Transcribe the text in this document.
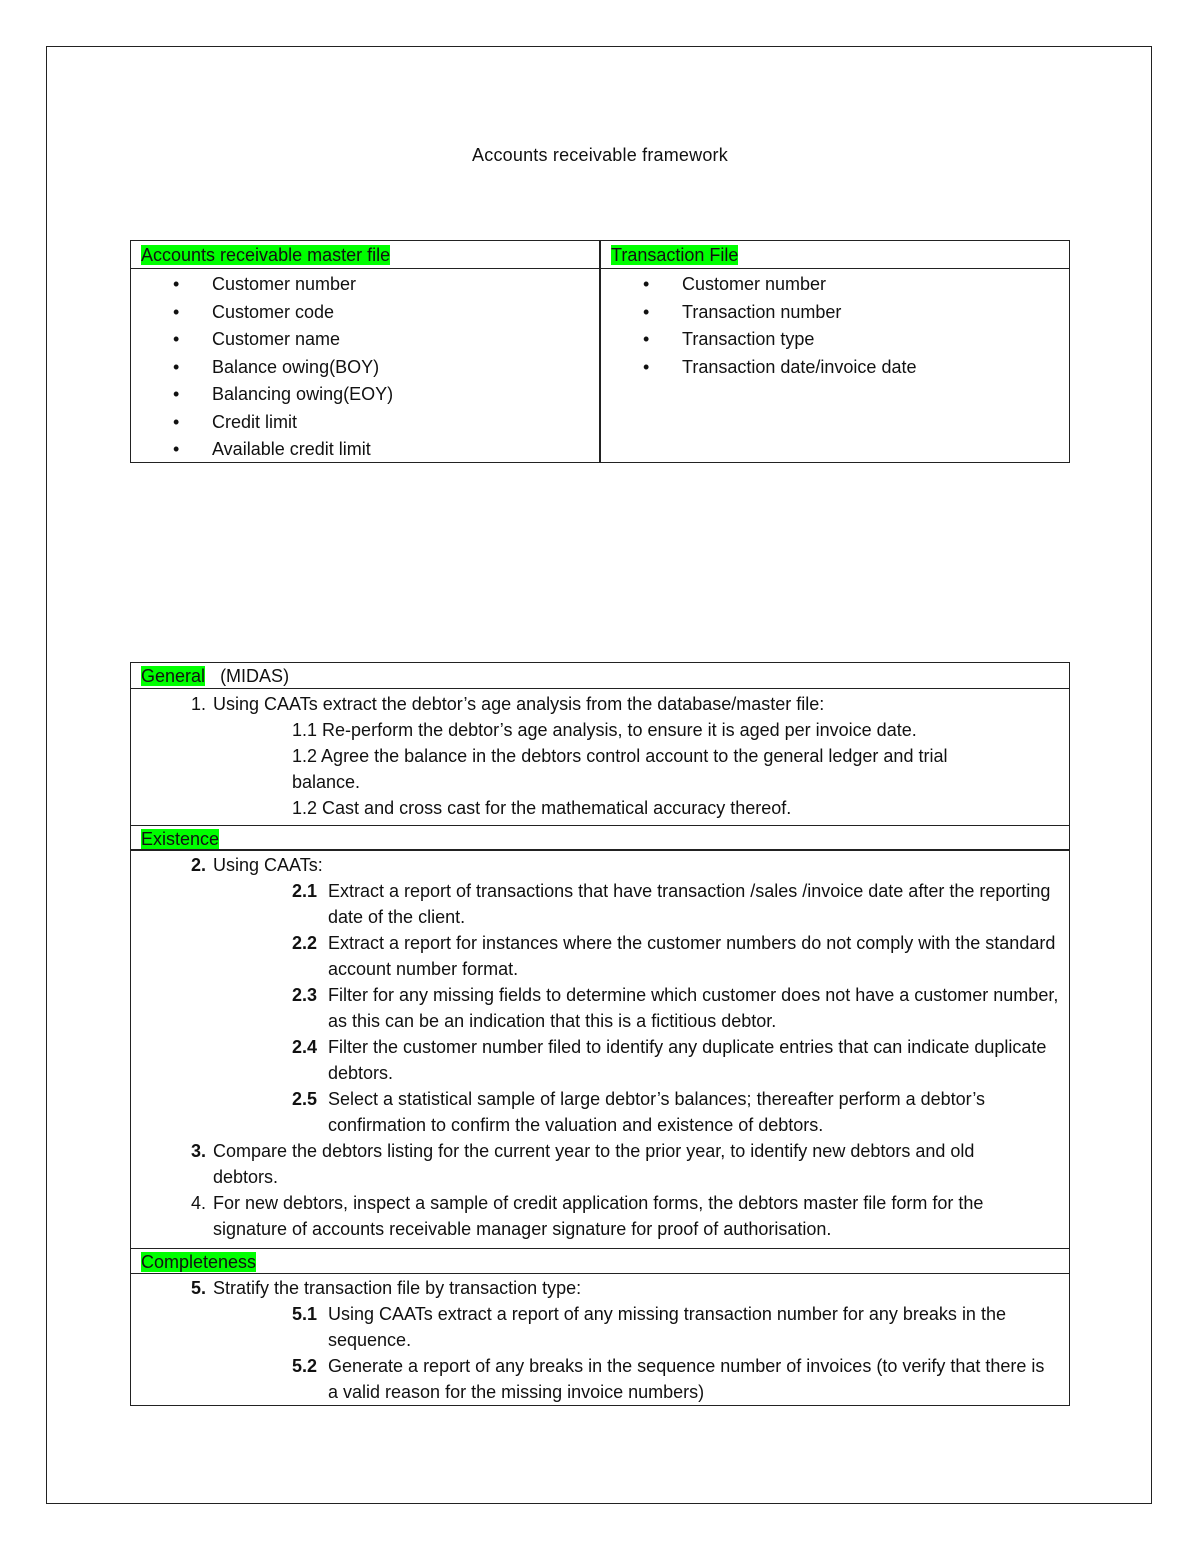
Accounts receivable framework
Accounts receivable master file
• Customer number
• Customer code
• Customer name
• Balance owing(BOY)
• Balancing owing(EOY)
• Credit limit
• Available credit limit
Transaction File
• Customer number
• Transaction number
• Transaction type
• Transaction date/invoice date
General (MIDAS)
1. Using CAATs extract the debtor’s age analysis from the database/master file:
1.1 Re-perform the debtor’s age analysis, to ensure it is aged per invoice date.
1.2 Agree the balance in the debtors control account to the general ledger and trial
balance.
1.2 Cast and cross cast for the mathematical accuracy thereof.
Existence
2. Using CAATs:
2.1 Extract a report of transactions that have transaction /sales /invoice date after the reporting date of the client.
2.2 Extract a report for instances where the customer numbers do not comply with the standard account number format.
2.3 Filter for any missing fields to determine which customer does not have a customer number, as this can be an indication that this is a fictitious debtor.
2.4 Filter the customer number filed to identify any duplicate entries that can indicate duplicate debtors.
2.5 Select a statistical sample of large debtor’s balances; thereafter perform a debtor’s confirmation to confirm the valuation and existence of debtors.
3. Compare the debtors listing for the current year to the prior year, to identify new debtors and old debtors.
4. For new debtors, inspect a sample of credit application forms, the debtors master file form for the signature of accounts receivable manager signature for proof of authorisation.
Completeness
5. Stratify the transaction file by transaction type:
5.1 Using CAATs extract a report of any missing transaction number for any breaks in the sequence.
5.2 Generate a report of any breaks in the sequence number of invoices (to verify that there is a valid reason for the missing invoice numbers)
